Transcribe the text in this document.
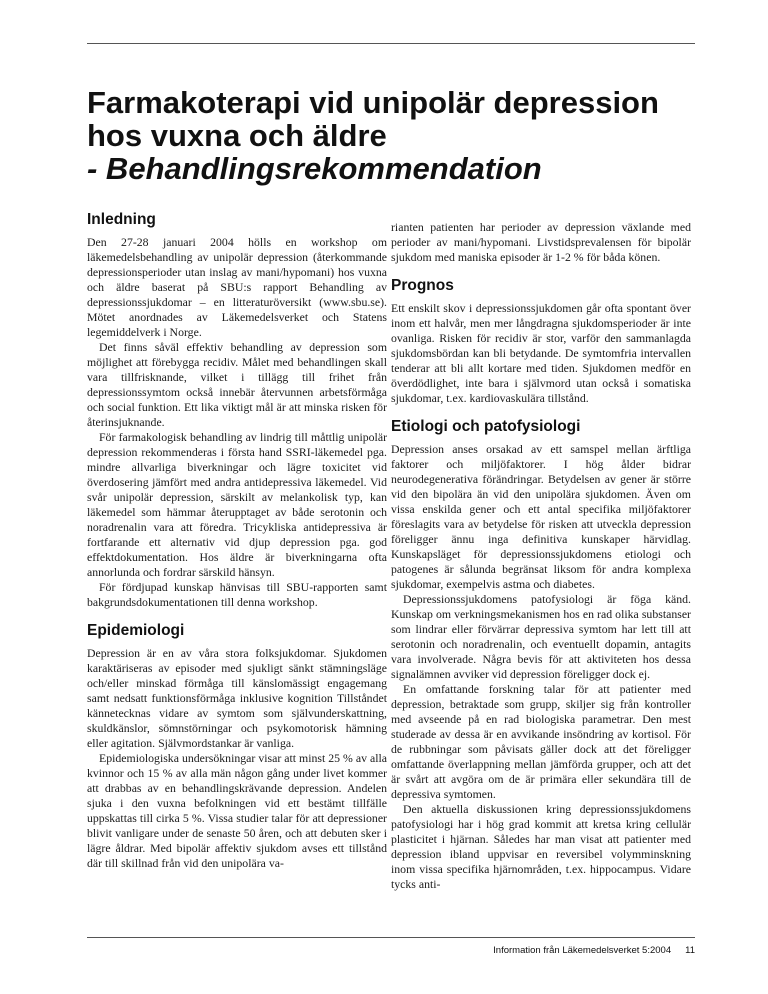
Farmakoterapi vid unipolär depression
hos vuxna och äldre
- Behandlingsrekommendation
Inledning

Den 27-28 januari 2004 hölls en workshop om läkemedelsbehandling av unipolär depression (återkommande depressionsperioder utan inslag av mani/hypomani) hos vuxna och äldre baserat på SBU:s rapport Behandling av depressionssjukdomar – en litteraturöversikt (www.sbu.se). Mötet anordnades av Läkemedelsverket och Statens legemiddelverk i Norge.

Det finns såväl effektiv behandling av depression som möjlighet att förebygga recidiv. Målet med behandlingen skall vara tillfrisknande, vilket i tillägg till frihet från depressionssymtom också innebär återvunnen arbetsförmåga och social funktion. Ett lika viktigt mål är att minska risken för återinsjuknande.

För farmakologisk behandling av lindrig till måttlig unipolär depression rekommenderas i första hand SSRI-läkemedel pga. mindre allvarliga biverkningar och lägre toxicitet vid överdosering jämfört med andra antidepressiva läkemedel. Vid svår unipolär depression, särskilt av melankolisk typ, kan läkemedel som hämmar återupptaget av både serotonin och noradrenalin vara att föredra. Tricykliska antidepressiva är fortfarande ett alternativ vid djup depression pga. god effektdokumentation. Hos äldre är biverkningarna ofta annorlunda och fordrar särskild hänsyn.

För fördjupad kunskap hänvisas till SBU-rapporten samt bakgrundsdokumentationen till denna workshop.

Epidemiologi

Depression är en av våra stora folksjukdomar. Sjukdomen karaktäriseras av episoder med sjukligt sänkt stämningsläge och/eller minskad förmåga till känslomässigt engagemang samt nedsatt funktionsförmåga inklusive kognition Tillståndet kännetecknas vidare av symtom som självunderskattning, skuldkänslor, sömnstörningar och psykomotorisk hämning eller agitation. Självmordstankar är vanliga.

Epidemiologiska undersökningar visar att minst 25 % av alla kvinnor och 15 % av alla män någon gång under livet kommer att drabbas av en behandlingskrävande depression. Andelen sjuka i den vuxna befolkningen vid ett bestämt tillfälle uppskattas till cirka 5 %. Vissa studier talar för att depressioner blivit vanligare under de senaste 50 åren, och att debuten sker i lägre åldrar. Med bipolär affektiv sjukdom avses ett tillstånd där till skillnad från vid den unipolära va-

rianten patienten har perioder av depression växlande med perioder av mani/hypomani. Livstidsprevalensen för bipolär sjukdom med maniska episoder är 1-2 % för båda könen.

Prognos

Ett enskilt skov i depressionssjukdomen går ofta spontant över inom ett halvår, men mer långdragna sjukdomsperioder är inte ovanliga. Risken för recidiv är stor, varför den sammanlagda sjukdomsbördan kan bli betydande. De symtomfria intervallen tenderar att bli allt kortare med tiden. Sjukdomen medför en överdödlighet, inte bara i självmord utan också i somatiska sjukdomar, t.ex. kardiovaskulära tillstånd.

Etiologi och patofysiologi

Depression anses orsakad av ett samspel mellan ärftliga faktorer och miljöfaktorer. I hög ålder bidrar neurodegenerativa förändringar. Betydelsen av gener är större vid den bipolära än vid den unipolära sjukdomen. Även om vissa enskilda gener och ett antal specifika miljöfaktorer föreslagits vara av betydelse för risken att utveckla depression föreligger ännu inga definitiva kunskaper härvidlag. Kunskapsläget för depressionssjukdomens etiologi och patogenes är sålunda begränsat liksom för andra komplexa sjukdomar, exempelvis astma och diabetes.

Depressionssjukdomens patofysiologi är föga känd. Kunskap om verkningsmekanismen hos en rad olika substanser som lindrar eller förvärrar depressiva symtom har lett till att serotonin och noradrenalin, och eventuellt dopamin, antagits vara involverade. Några bevis för att aktiviteten hos dessa signalämnen avviker vid depression föreligger dock ej.

En omfattande forskning talar för att patienter med depression, betraktade som grupp, skiljer sig från kontroller med avseende på en rad biologiska parametrar. Den mest studerade av dessa är en avvikande insöndring av kortisol. För de rubbningar som påvisats gäller dock att det föreligger omfattande överlappning mellan jämförda grupper, och att det är svårt att avgöra om de är primära eller sekundära till de depressiva symtomen.

Den aktuella diskussionen kring depressionssjukdomens patofysiologi har i hög grad kommit att kretsa kring cellulär plasticitet i hjärnan. Således har man visat att patienter med depression ibland uppvisar en reversibel volymminskning inom vissa specifika hjärnområden, t.ex. hippocampus. Vidare tycks anti-

Information från Läkemedelsverket 5:2004 11
